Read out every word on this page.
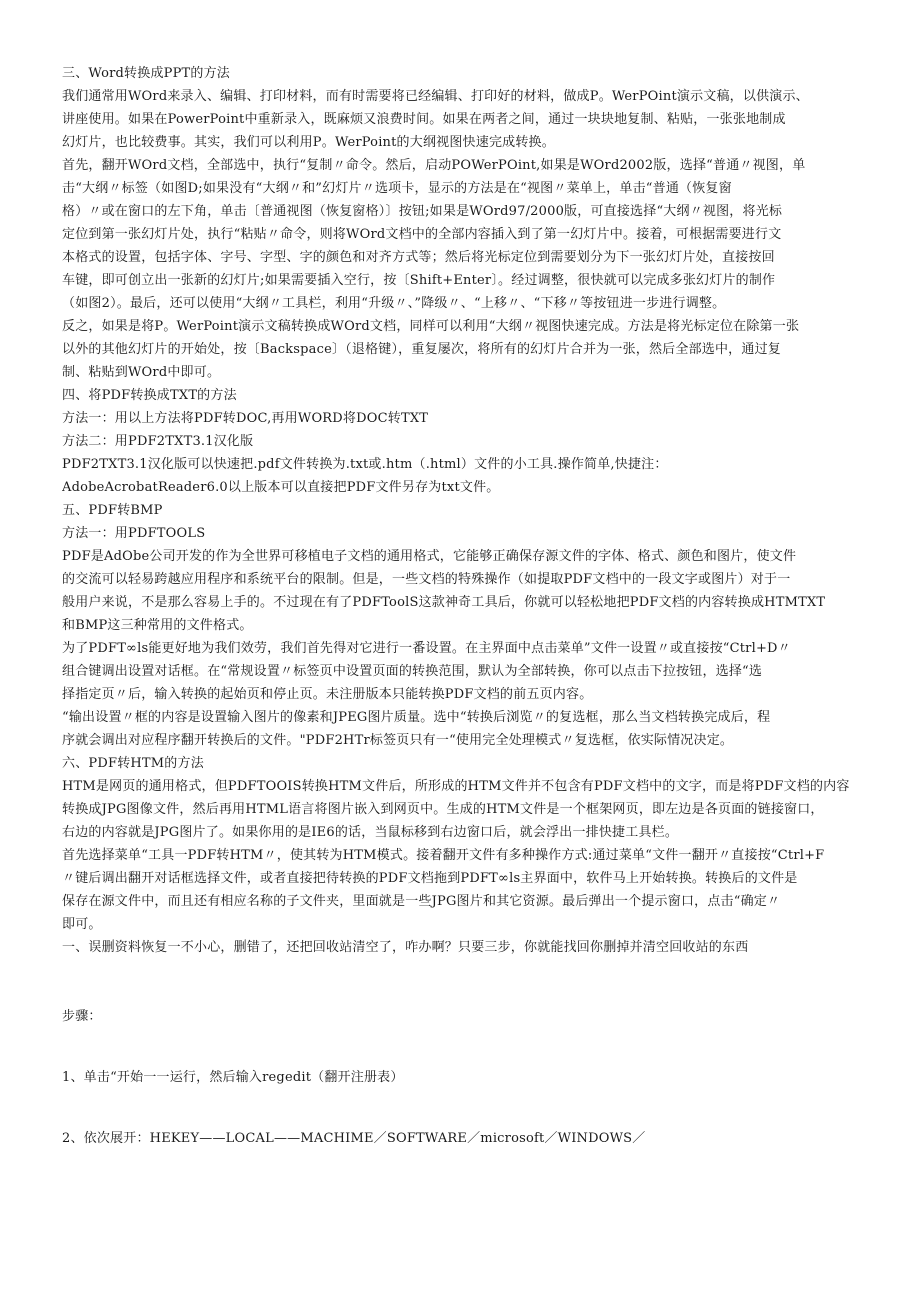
三、Word转换成PPT的方法
我们通常用WOrd来录入、编辑、打印材料，而有时需要将已经编辑、打印好的材料，做成P。WerPOint演示文稿，以供演示、
讲座使用。如果在PowerPoint中重新录入，既麻烦又浪费时间。如果在两者之间，通过一块块地复制、粘贴，一张张地制成
幻灯片，也比较费事。其实，我们可以利用P。WerPoint的大纲视图快速完成转换。
首先，翻开WOrd文档，全部选中，执行“复制〃命令。然后，启动POWerPOint,如果是WOrd2002版，选择“普通〃视图，单
击“大纲〃标签（如图D;如果没有“大纲〃和”幻灯片〃选项卡，显示的方法是在“视图〃菜单上，单击“普通（恢复窗
格）〃或在窗口的左下角，单击〔普通视图（恢复窗格）〕按钮;如果是WOrd97/2000版，可直接选择“大纲〃视图，将光标
定位到第一张幻灯片处，执行“粘贴〃命令，则将WOrd文档中的全部内容插入到了第一幻灯片中。接着，可根据需要进行文
本格式的设置，包括字体、字号、字型、字的颜色和对齐方式等；然后将光标定位到需要划分为下一张幻灯片处，直接按回
车键，即可创立出一张新的幻灯片;如果需要插入空行，按〔Shift+Enter〕。经过调整，很快就可以完成多张幻灯片的制作
（如图2）。最后，还可以使用“大纲〃工具栏，利用“升级〃、”降级〃、“上移〃、“下移〃等按钮进一步进行调整。
反之，如果是将P。WerPoint演示文稿转换成WOrd文档，同样可以利用“大纲〃视图快速完成。方法是将光标定位在除第一张
以外的其他幻灯片的开始处，按〔Backspace〕（退格键），重复屡次，将所有的幻灯片合并为一张，然后全部选中，通过复
制、粘贴到WOrd中即可。
四、将PDF转换成TXT的方法
方法一：用以上方法将PDF转DOC,再用WORD将DOC转TXT
方法二：用PDF2TXT3.1汉化版
PDF2TXT3.1汉化版可以快速把.pdf文件转换为.txt或.htm（.html）文件的小工具.操作简单,快捷注：
AdobeAcrobatReader6.0以上版本可以直接把PDF文件另存为txt文件。
五、PDF转BMP
方法一：用PDFTOOLS
PDF是AdObe公司开发的作为全世界可移植电子文档的通用格式，它能够正确保存源文件的字体、格式、颜色和图片，使文件
的交流可以轻易跨越应用程序和系统平台的限制。但是，一些文档的特殊操作（如提取PDF文档中的一段文字或图片）对于一
般用户来说，不是那么容易上手的。不过现在有了PDFToolS这款神奇工具后，你就可以轻松地把PDF文档的内容转换成HTMTXT
和BMP这三种常用的文件格式。
为了PDFT∞ls能更好地为我们效劳，我们首先得对它进行一番设置。在主界面中点击菜单”文件一设置〃或直接按“Ctrl+D〃
组合键调出设置对话框。在“常规设置〃标签页中设置页面的转换范围，默认为全部转换，你可以点击下拉按钮，选择“选
择指定页〃后，输入转换的起始页和停止页。未注册版本只能转换PDF文档的前五页内容。
“输出设置〃框的内容是设置输入图片的像素和JPEG图片质量。选中“转换后浏览〃的复选框，那么当文档转换完成后，程
序就会调出对应程序翻开转换后的文件。"PDF2HTr标签页只有一“使用完全处理模式〃复选框，依实际情况决定。
六、PDF转HTM的方法
HTM是网页的通用格式，但PDFTOOIS转换HTM文件后，所形成的HTM文件并不包含有PDF文档中的文字，而是将PDF文档的内容
转换成JPG图像文件，然后再用HTML语言将图片嵌入到网页中。生成的HTM文件是一个框架网页，即左边是各页面的链接窗口，
右边的内容就是JPG图片了。如果你用的是IE6的话，当鼠标移到右边窗口后，就会浮出一排快捷工具栏。
首先选择菜单“工具一PDF转HTM〃，使其转为HTM模式。接着翻开文件有多种操作方式:通过菜单“文件一翻开〃直接按“Ctrl+F
〃键后调出翻开对话框选择文件，或者直接把待转换的PDF文档拖到PDFT∞ls主界面中，软件马上开始转换。转换后的文件是
保存在源文件中，而且还有相应名称的子文件夹，里面就是一些JPG图片和其它资源。最后弹出一个提示窗口，点击“确定〃
即可。
一、误删资料恢复一不小心，删错了，还把回收站清空了，咋办啊？只要三步，你就能找回你删掉并清空回收站的东西
步骤：
1、单击“开始一一运行，然后输入regedit（翻开注册表）
2、依次展开：HEKEY——LOCAL——MACHIME／SOFTWARE／microsoft／WINDOWS／
